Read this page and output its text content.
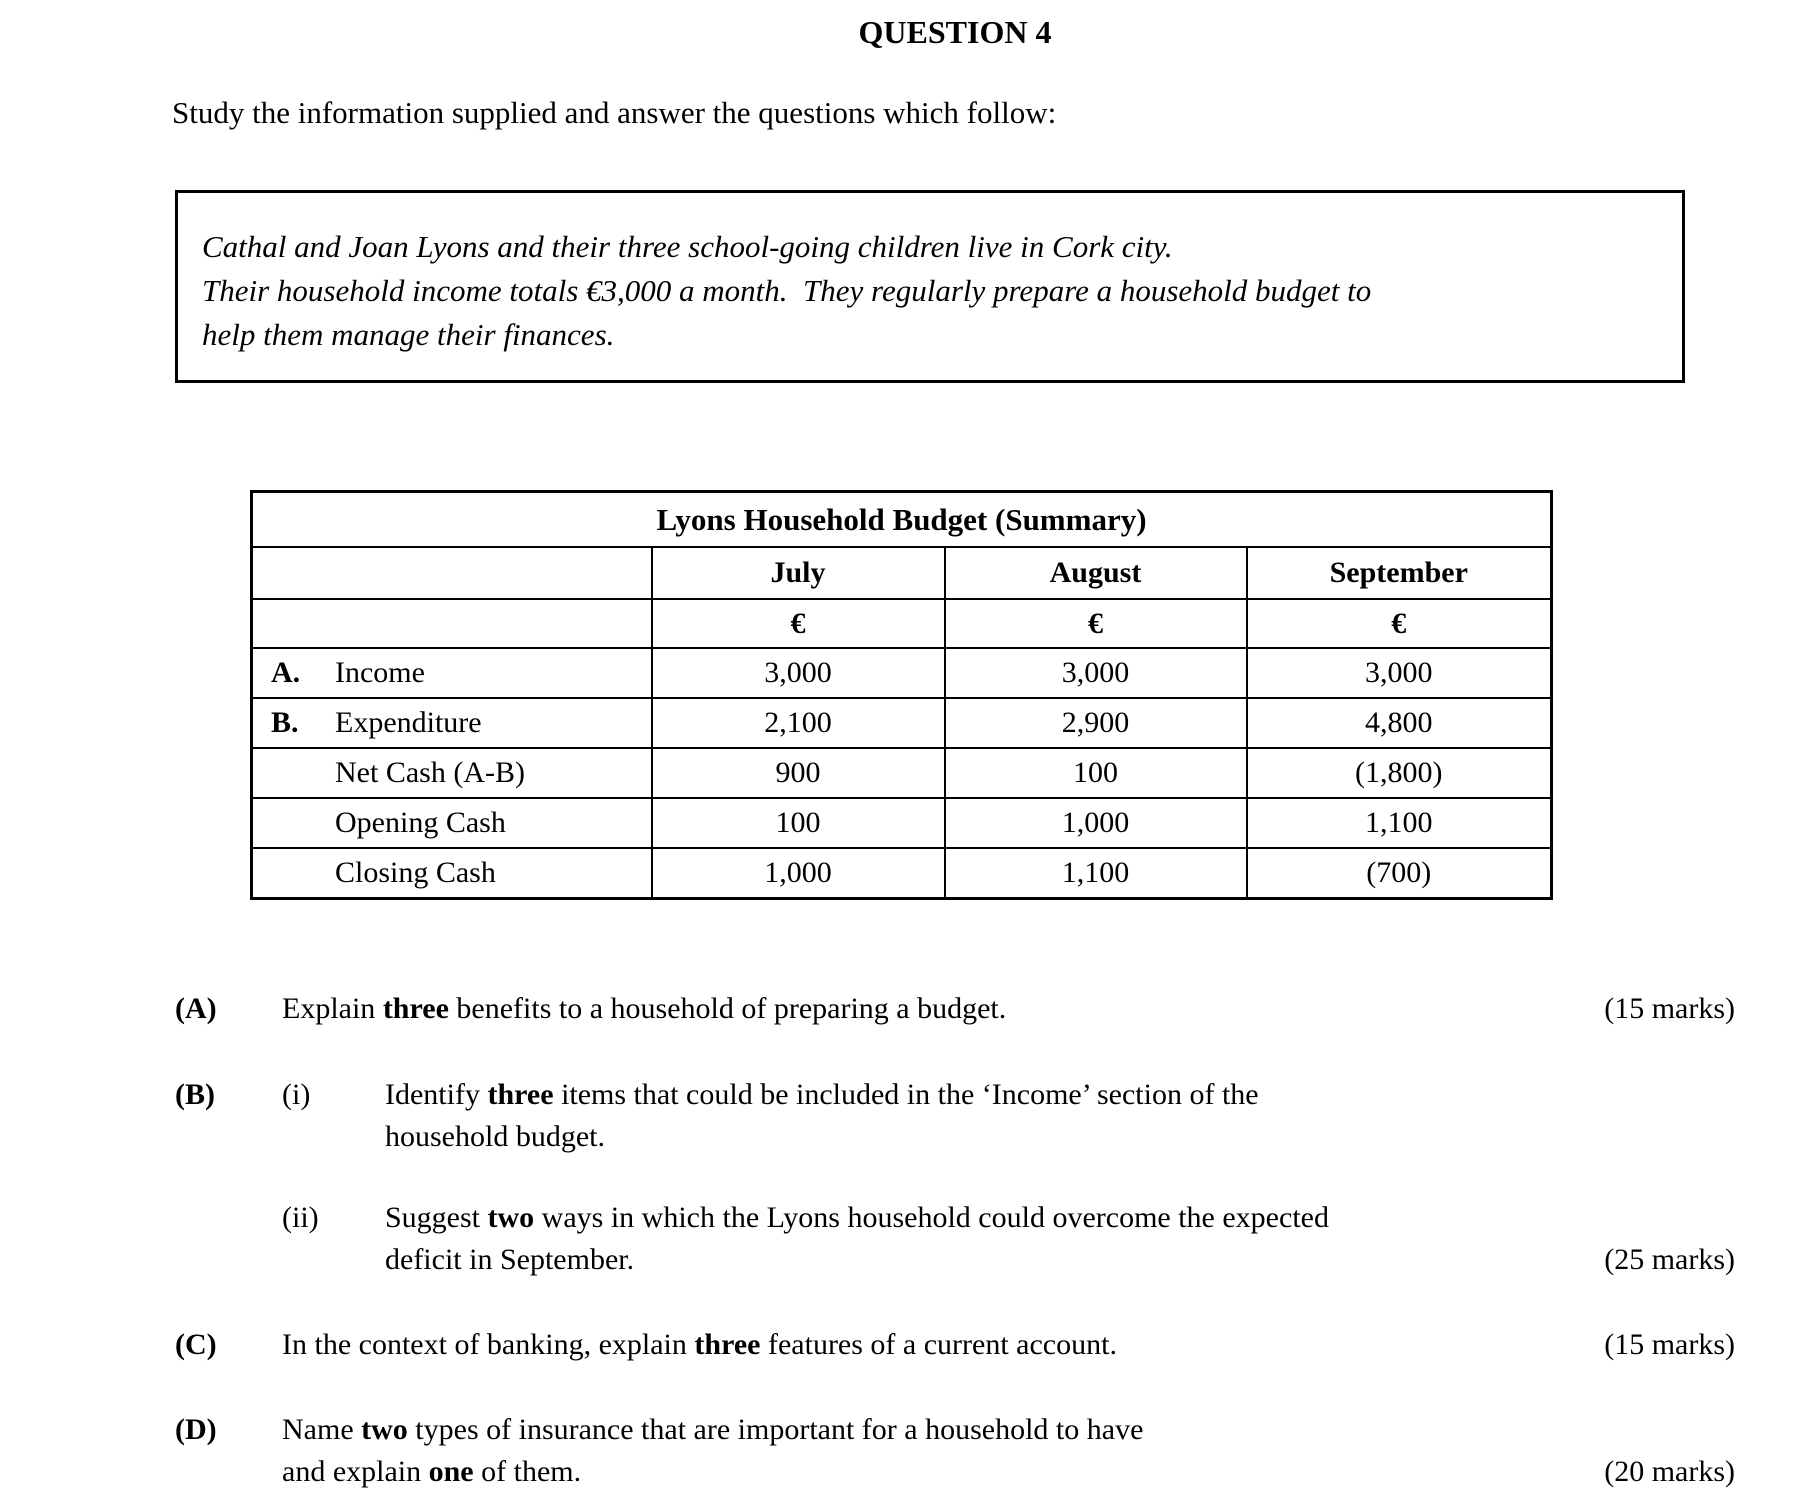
QUESTION 4
Study the information supplied and answer the questions which follow:
Cathal and Joan Lyons and their three school-going children live in Cork city.
Their household income totals €3,000 a month.  They regularly prepare a household budget to
help them manage their finances.
Lyons Household Budget (Summary)			
	July	August	September
	€	€	€
A. Income	3,000	3,000	3,000
B. Expenditure	2,100	2,900	4,800
Net Cash (A-B)	900	100	(1,800)
Opening Cash	100	1,000	1,100
Closing Cash	1,000	1,100	(700)
(A)	Explain three benefits to a household of preparing a budget.	(15 marks)
(B)	(i)	Identify three items that could be included in the ‘Income’ section of the
household budget.
(ii)	Suggest two ways in which the Lyons household could overcome the expected
deficit in September.	(25 marks)
(C)	In the context of banking, explain three features of a current account.	(15 marks)
(D)	Name two types of insurance that are important for a household to have
and explain one of them.	(20 marks)
